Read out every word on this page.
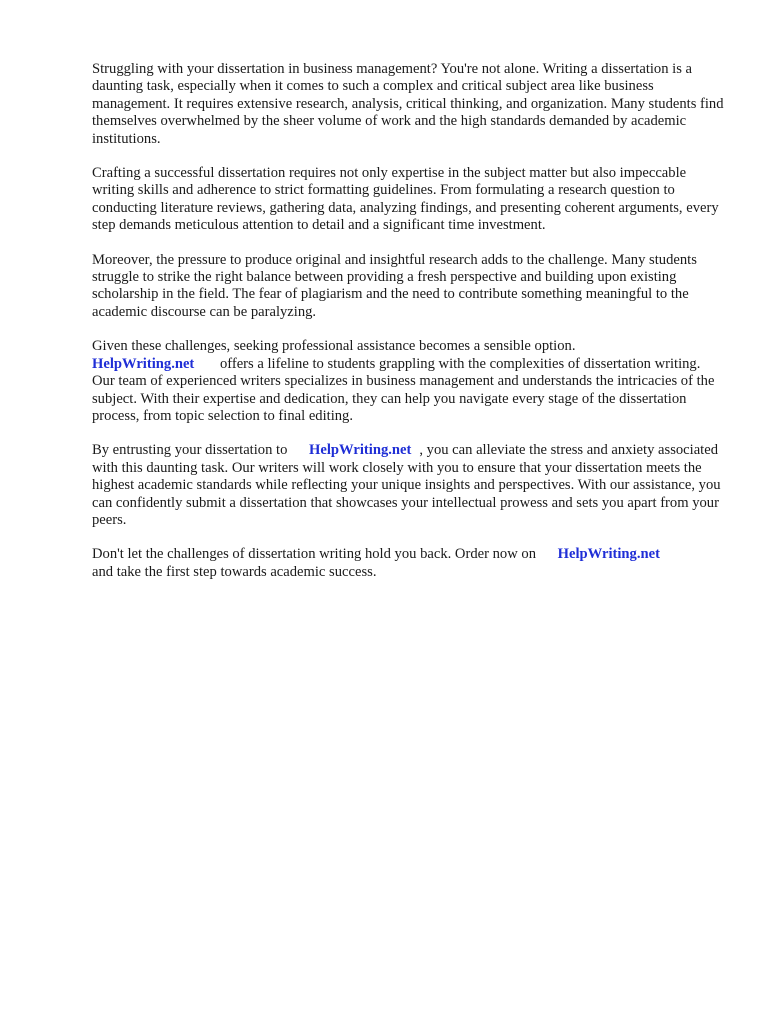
Struggling with your dissertation in business management? You're not alone. Writing a dissertation is a daunting task, especially when it comes to such a complex and critical subject area like business management. It requires extensive research, analysis, critical thinking, and organization. Many students find themselves overwhelmed by the sheer volume of work and the high standards demanded by academic institutions.

Crafting a successful dissertation requires not only expertise in the subject matter but also impeccable writing skills and adherence to strict formatting guidelines. From formulating a research question to conducting literature reviews, gathering data, analyzing findings, and presenting coherent arguments, every step demands meticulous attention to detail and a significant time investment.

Moreover, the pressure to produce original and insightful research adds to the challenge. Many students struggle to strike the right balance between providing a fresh perspective and building upon existing scholarship in the field. The fear of plagiarism and the need to contribute something meaningful to the academic discourse can be paralyzing.

Given these challenges, seeking professional assistance becomes a sensible option.
HelpWriting.net offers a lifeline to students grappling with the complexities of dissertation writing. Our team of experienced writers specializes in business management and understands the intricacies of the subject. With their expertise and dedication, they can help you navigate every stage of the dissertation process, from topic selection to final editing.

By entrusting your dissertation to HelpWriting.net , you can alleviate the stress and anxiety associated with this daunting task. Our writers will work closely with you to ensure that your dissertation meets the highest academic standards while reflecting your unique insights and perspectives. With our assistance, you can confidently submit a dissertation that showcases your intellectual prowess and sets you apart from your peers.

Don't let the challenges of dissertation writing hold you back. Order now on HelpWriting.net
and take the first step towards academic success.
